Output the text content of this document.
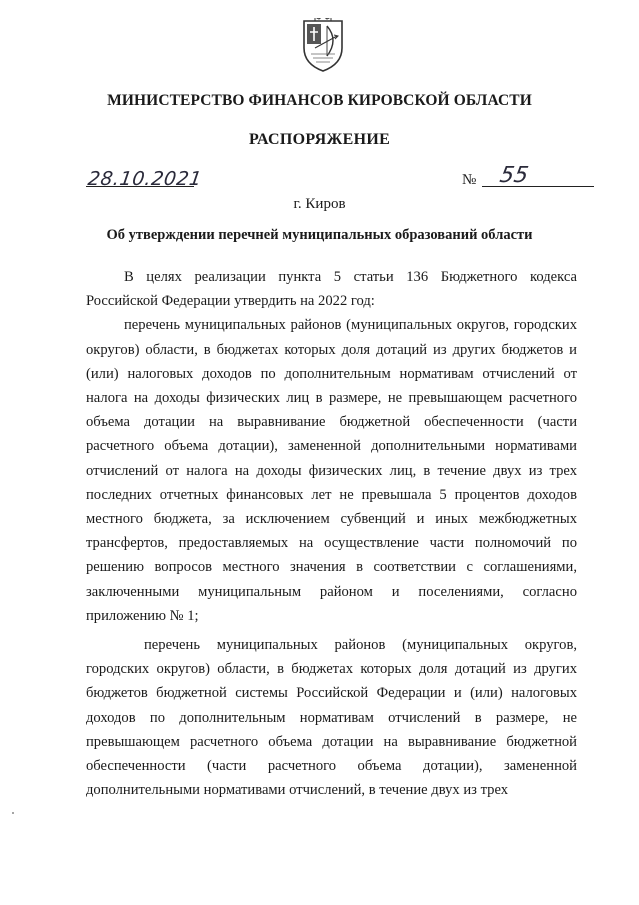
МИНИСТЕРСТВО ФИНАНСОВ КИРОВСКОЙ ОБЛАСТИ
РАСПОРЯЖЕНИЕ
28.10.2021	№ 55
г. Киров
Об утверждении перечней муниципальных образований области

В целях реализации пункта 5 статьи 136 Бюджетного кодекса Российской Федерации утвердить на 2022 год:

перечень муниципальных районов (муниципальных округов, городских округов) области, в бюджетах которых доля дотаций из других бюджетов и (или) налоговых доходов по дополнительным нормативам отчислений от налога на доходы физических лиц в размере, не превышающем расчетного объема дотации на выравнивание бюджетной обеспеченности (части расчетного объема дотации), замененной дополнительными нормативами отчислений от налога на доходы физических лиц, в течение двух из трех последних отчетных финансовых лет не превышала 5 процентов доходов местного бюджета, за исключением субвенций и иных межбюджетных трансфертов, предоставляемых на осуществление части полномочий по решению вопросов местного значения в соответствии с соглашениями, заключенными муниципальным районом и поселениями, согласно приложению № 1;

перечень муниципальных районов (муниципальных округов, городских округов) области, в бюджетах которых доля дотаций из других бюджетов бюджетной системы Российской Федерации и (или) налоговых доходов по дополнительным нормативам отчислений в размере, не превышающем расчетного объема дотации на выравнивание бюджетной обеспеченности (части расчетного объема дотации), замененной дополнительными нормативами отчислений, в течение двух из трех
